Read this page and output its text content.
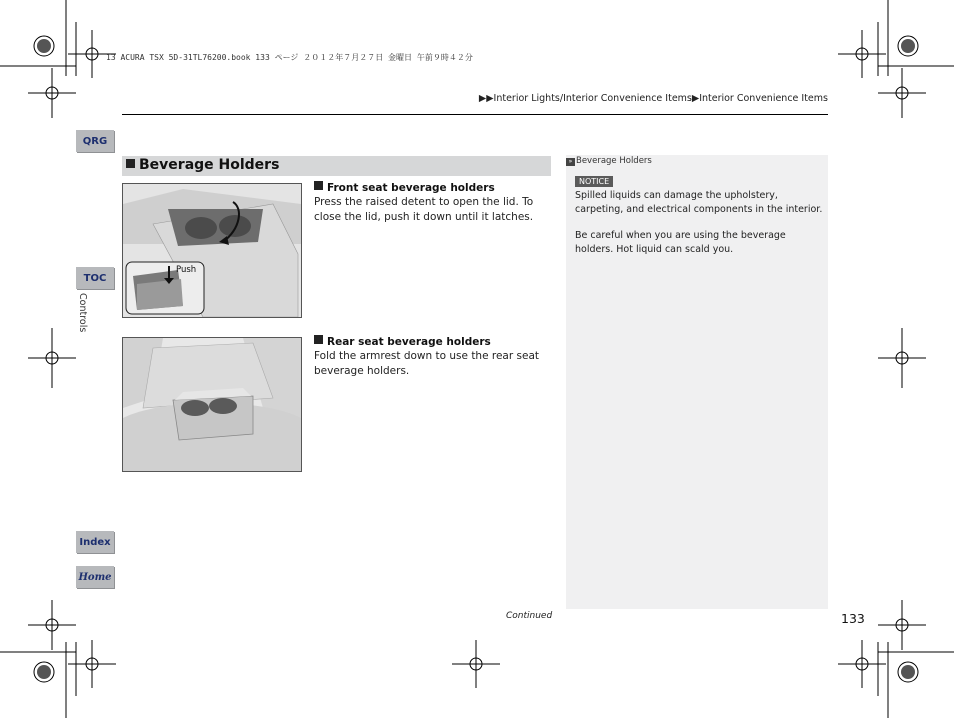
13 ACURA TSX 5D-31TL76200.book 133 ページ ２０１２年７月２７日 金曜日 午前９時４２分
▶▶Interior Lights/Interior Convenience Items▶Interior Convenience Items
QRG
TOC
Controls
Index
Home
Beverage Holders
Push
Front seat beverage holders
Press the raised detent to open the lid. To close the lid, push it down until it latches.
Rear seat beverage holders
Fold the armrest down to use the rear seat beverage holders.
» Beverage Holders
NOTICE
Spilled liquids can damage the upholstery, carpeting, and electrical components in the interior.
Be careful when you are using the beverage holders. Hot liquid can scald you.
Continued	133
